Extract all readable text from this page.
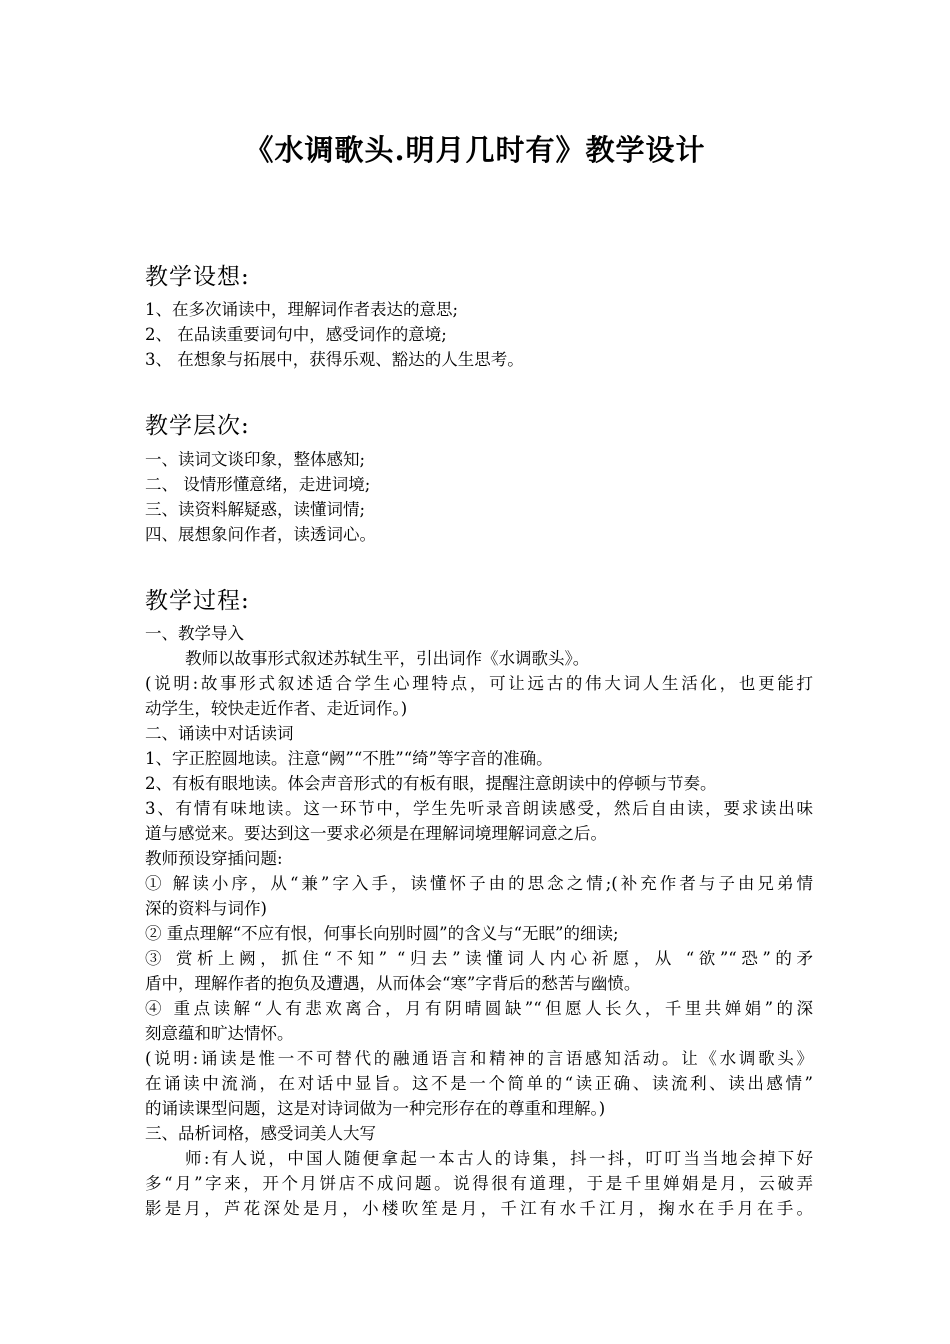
《水调歌头.明月几时有》教学设计
教学设想:
1、在多次诵读中，理解词作者表达的意思;
2、 在品读重要词句中，感受词作的意境;
3、 在想象与拓展中，获得乐观、豁达的人生思考。
教学层次:
一、读词文谈印象，整体感知;
二、 设情形懂意绪，走进词境;
三、读资料解疑惑，读懂词情;
四、展想象问作者，读透词心。
教学过程:
一、教学导入
教师以故事形式叙述苏轼生平，引出词作《水调歌头》。
(说明:故事形式叙述适合学生心理特点，可让远古的伟大词人生活化，也更能打
动学生，较快走近作者、走近词作。)
二、诵读中对话读词
1、字正腔圆地读。注意“阙”“不胜”“绮”等字音的准确。
2、有板有眼地读。体会声音形式的有板有眼，提醒注意朗读中的停顿与节奏。
3、有情有味地读。这一环节中，学生先听录音朗读感受，然后自由读，要求读出味
道与感觉来。要达到这一要求必须是在理解词境理解词意之后。
教师预设穿插问题:
① 解读小序，从“兼”字入手，读懂怀子由的思念之情;(补充作者与子由兄弟情
深的资料与词作)
② 重点理解“不应有恨，何事长向别时圆”的含义与“无眠”的细读;
③ 赏析上阙，抓住“不知” “归去”读懂词人内心祈愿，从 “欲”“恐”的矛
盾中，理解作者的抱负及遭遇，从而体会“寒”字背后的愁苦与幽愤。
④ 重点读解“人有悲欢离合，月有阴晴圆缺”“但愿人长久，千里共婵娟”的深
刻意蕴和旷达情怀。
(说明:诵读是惟一不可替代的融通语言和精神的言语感知活动。让《水调歌头》
在诵读中流淌，在对话中显旨。这不是一个简单的“读正确、读流利、读出感情”
的诵读课型问题，这是对诗词做为一种完形存在的尊重和理解。)
三、品析词格，感受词美人大写
师:有人说，中国人随便拿起一本古人的诗集，抖一抖，叮叮当当地会掉下好
多“月”字来，开个月饼店不成问题。说得很有道理，于是千里婵娟是月，云破弄
影是月，芦花深处是月，小楼吹笙是月，千江有水千江月，掬水在手月在手。
